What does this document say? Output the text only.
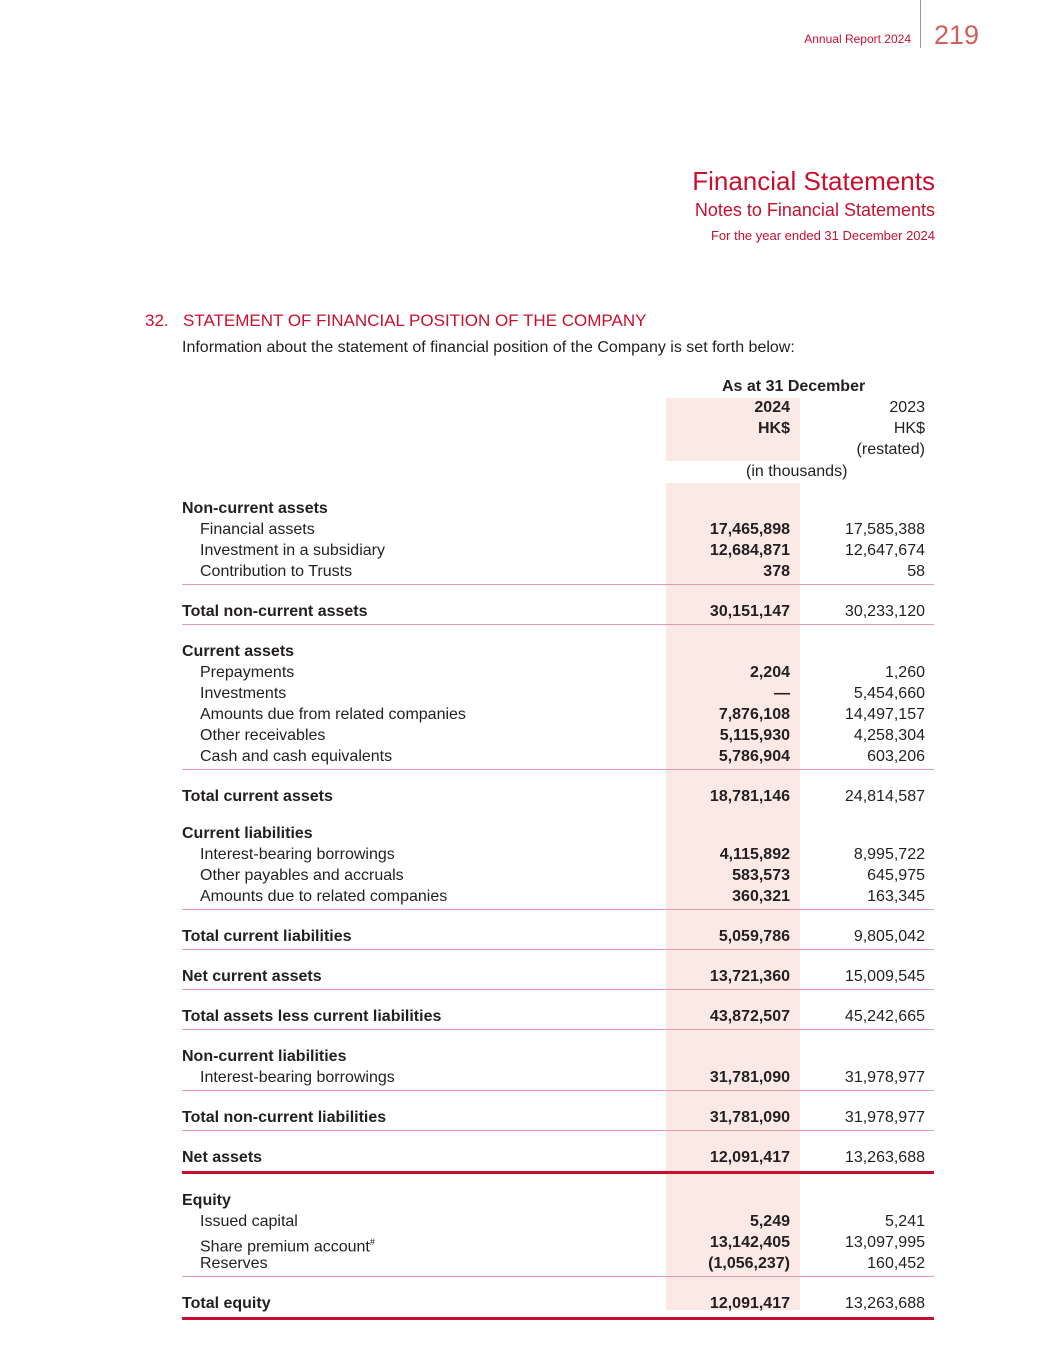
Annual Report 2024 219
Financial Statements
Notes to Financial Statements
For the year ended 31 December 2024
32. STATEMENT OF FINANCIAL POSITION OF THE COMPANY
Information about the statement of financial position of the Company is set forth below:
As at 31 December
2024
HK$
2023
HK$
(restated)
(in thousands)
Non-current assets
Financial assets	17,465,898	17,585,388
Investment in a subsidiary	12,684,871	12,647,674
Contribution to Trusts	378	58
Total non-current assets	30,151,147	30,233,120
Current assets
Prepayments	2,204	1,260
Investments	—	5,454,660
Amounts due from related companies	7,876,108	14,497,157
Other receivables	5,115,930	4,258,304
Cash and cash equivalents	5,786,904	603,206
Total current assets	18,781,146	24,814,587
Current liabilities
Interest-bearing borrowings	4,115,892	8,995,722
Other payables and accruals	583,573	645,975
Amounts due to related companies	360,321	163,345
Total current liabilities	5,059,786	9,805,042
Net current assets	13,721,360	15,009,545
Total assets less current liabilities	43,872,507	45,242,665
Non-current liabilities
Interest-bearing borrowings	31,781,090	31,978,977
Total non-current liabilities	31,781,090	31,978,977
Net assets	12,091,417	13,263,688
Equity
Issued capital	5,249	5,241
Share premium account#	13,142,405	13,097,995
Reserves	(1,056,237)	160,452
Total equity	12,091,417	13,263,688
